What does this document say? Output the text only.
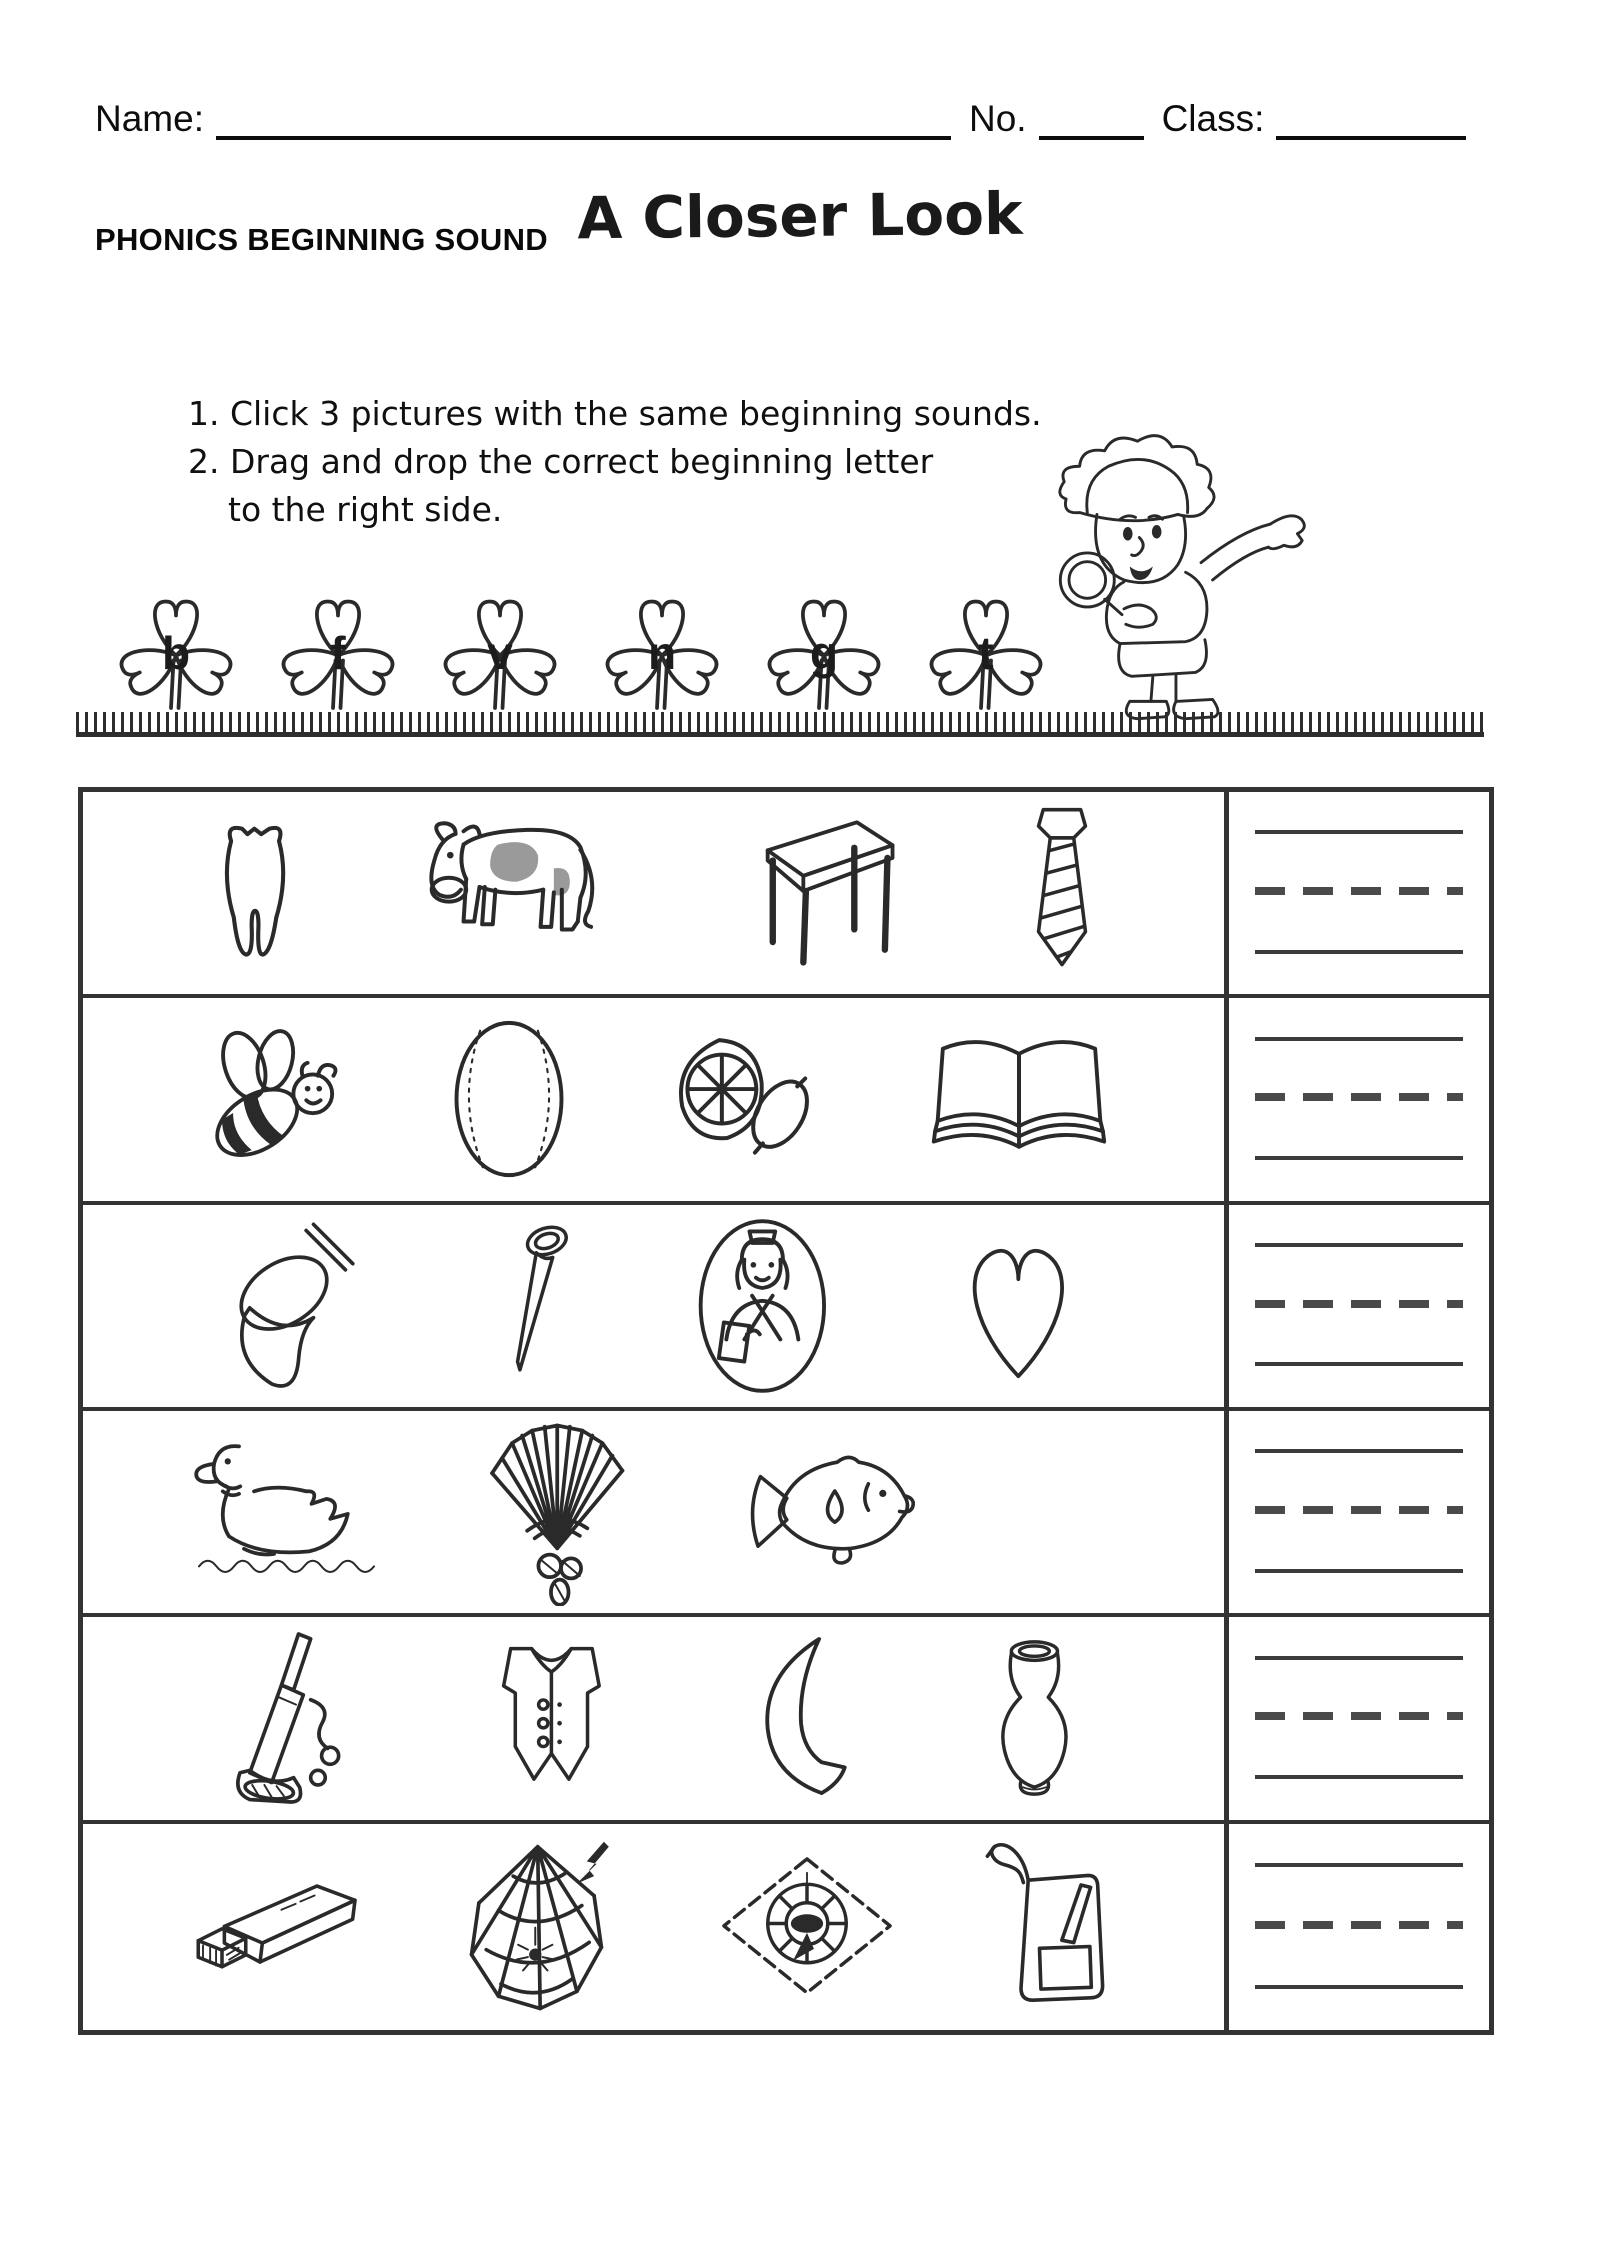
Name:	No.	Class:
PHONICS BEGINNING SOUND A Closer Look
1. Click 3 pictures with the same beginning sounds.
2. Drag and drop the correct beginning letter
to the right side.
b	f	v	n	g	t
5
GAS
